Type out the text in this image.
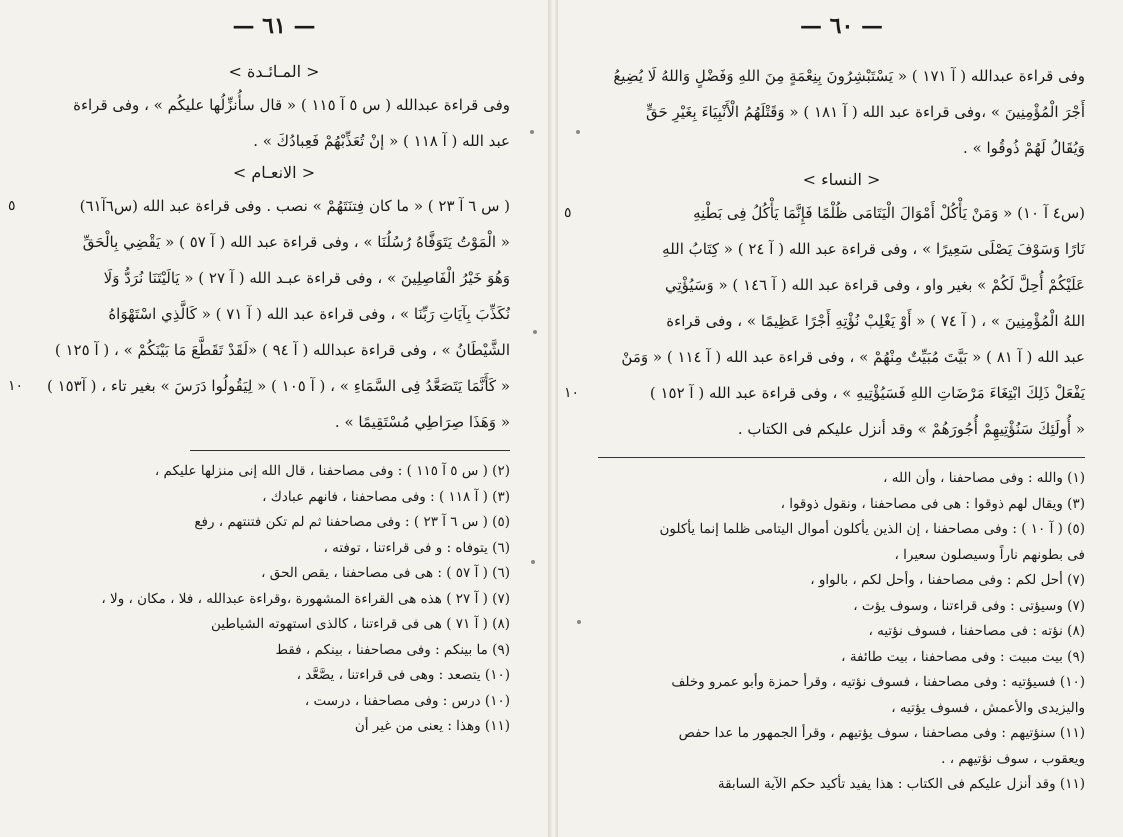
— ٦١ —
< المـائـدة >

وفى قراءة عبدالله ( س ٥ آ ١١٥ ) « قال سأُنزِّلُها عليكُم » ، وفى قراءة

عبد الله ( آ ١١٨ ) « إنْ تُعَذِّبْهُمْ فَعِبادُكَ » .

< الانعـام >
٥	( س ٦ آ ٢٣ ) « ما كان فِتنَتَهُمْ » نصب . وفى قراءة عبد الله (س٦آ٦١)

« الْمَوْتُ يَتَوَفَّاهُ رُسُلُنَا » ، وفى قراءة عبد الله ( آ ٥٧ ) « يَقْضِي بِالْحَقِّ

وَهُوَ خَيْرُ الْفَاصِلِينَ » ، وفى قراءة عبـد الله ( آ ٢٧ ) « يَالَيْتَنَا نُرَدُّ وَلَا

نُكَذِّبَ بِآيَاتِ رَبِّنَا » ، وفى قراءة عبد الله ( آ ٧١ ) « كَالَّذِي اسْتَهْوَاهُ

الشَّيْطَانُ » ، وفى قراءة عبدالله ( آ ٩٤ ) «لَقَدْ تَقَطَّعَ مَا بَيْنَكُمْ » ، ( آ ١٢٥ )

١٠	« كَأَنَّمَا يَتَصَعَّدُ فِى السَّمَاءِ » ، ( آ ١٠٥ ) « لِيَقُولُوا دَرَسَ » بغير تاء ، ( آ١٥٣ )

« وَهَذَا صِرَاطِي مُسْتَقِيمًا » .

(٢) ( س ٥ آ ١١٥ ) : وفى مصاحفنا ، قال الله إنى منزلها عليكم ،

(٣) ( آ ١١٨ ) : وفى مصاحفنا ، فانهم عبادك ،

(٥) ( س ٦ آ ٢٣ ) : وفى مصاحفنا ثم لم تكن فتنتهم ، رفع

(٦) يتوفاه : و فى قراءتنا ، توفته ،

(٦) ( آ ٥٧ ) : هى فى مصاحفنا ، يقص الحق ،

(٧) ( آ ٢٧ ) هذه هى القراءة المشهورة ،وقراءة عبدالله ، فلا ، مكان ، ولا ،

(٨) ( آ ٧١ ) هى فى قراءتنا ، كالذى استهوته الشياطين

(٩) ما بينكم : وفى مصاحفنا ، بينكم ، فقط

(١٠) يتصعد : وهى فى قراءتنا ، يصَّعَّد ،

(١٠) درس : وفى مصاحفنا ، درست ،

(١١) وهذا : يعنى من غير أن

— ٦٠ —

وفى قراءة عبدالله ( آ ١٧١ ) « يَسْتَبْشِرُونَ بِنِعْمَةٍ مِنَ اللهِ وَفَضْلٍ وَاللهُ لَا يُضِيعُ

أَجْرَ الْمُؤْمِنِينَ » ،وفى قراءة عبد الله ( آ ١٨١ ) « وَقَتْلَهُمُ الْأَنْبِيَاءَ بِغَيْرِ حَقٍّ

وَيُقَالُ لَهُمْ ذُوقُوا » .

< النساء >
٥	(س٤ آ ١٠) « وَمَنْ يَأْكُلْ أَمْوَالَ الْيَتَامَى ظُلْمًا فَإِنَّمَا يَأْكُلُ فِى بَطْنِهِ

نَارًا وَسَوْفَ يَصْلَى سَعِيرًا » ، وفى قراءة عبد الله ( آ ٢٤ ) « كِتَابُ اللهِ

عَلَيْكُمْ أُحِلَّ لَكُمْ » بغير واو ، وفى قراءة عبد الله ( آ ١٤٦ ) « وَسَيُؤْتِي

اللهُ الْمُؤْمِنِينَ » ، ( آ ٧٤ ) « أَوْ يَغْلِبْ نُؤْتِهِ أَجْرًا عَظِيمًا » ، وفى قراءة

عبد الله ( آ ٨١ ) « بَيَّتَ مُبَيِّتٌ مِنْهُمْ » ، وفى قراءة عبد الله ( آ ١١٤ ) « وَمَنْ

١٠	يَفْعَلْ ذَلِكَ ابْتِغَاءَ مَرْضَاتِ اللهِ فَسَيُؤْتِيهِ » ، وفى قراءة عبد الله ( آ ١٥٢ )

« أُولَئِكَ سَنُؤْتِيهِمْ أُجُورَهُمْ » وقد أنزل عليكم فى الكتاب .

(١) والله : وفى مصاحفنا ، وأن الله ،

(٣) ويقال لهم ذوقوا : هى فى مصاحفنا ، ونقول ذوقوا ،

(٥) ( آ ١٠ ) : وفى مصاحفنا ، إن الذين يأكلون أموال اليتامى ظلما إنما يأكلون

فى بطونهم ناراً وسيصلون سعيرا ،

(٧) أحل لكم : وفى مصاحفنا ، وأحل لكم ، بالواو ،

(٧) وسيؤتى : وفى قراءتنا ، وسوف يؤت ،

(٨) نؤته : فى مصاحفنا ، فسوف نؤتيه ،

(٩) بيت مبيت : وفى مصاحفنا ، بيت طائفة ،

(١٠) فسيؤتيه : وفى مصاحفنا ، فسوف نؤتيه ، وقرأ حمزة وأبو عمرو وخلف

واليزيدى والأعمش ، فسوف يؤتيه ،

(١١) سنؤتيهم : وفى مصاحفنا ، سوف يؤتيهم ، وقرأ الجمهور ما عدا حفص

ويعقوب ، سوف نؤتيهم ، .

(١١) وقد أنزل عليكم فى الكتاب : هذا يفيد تأكيد حكم الآية السابقة
